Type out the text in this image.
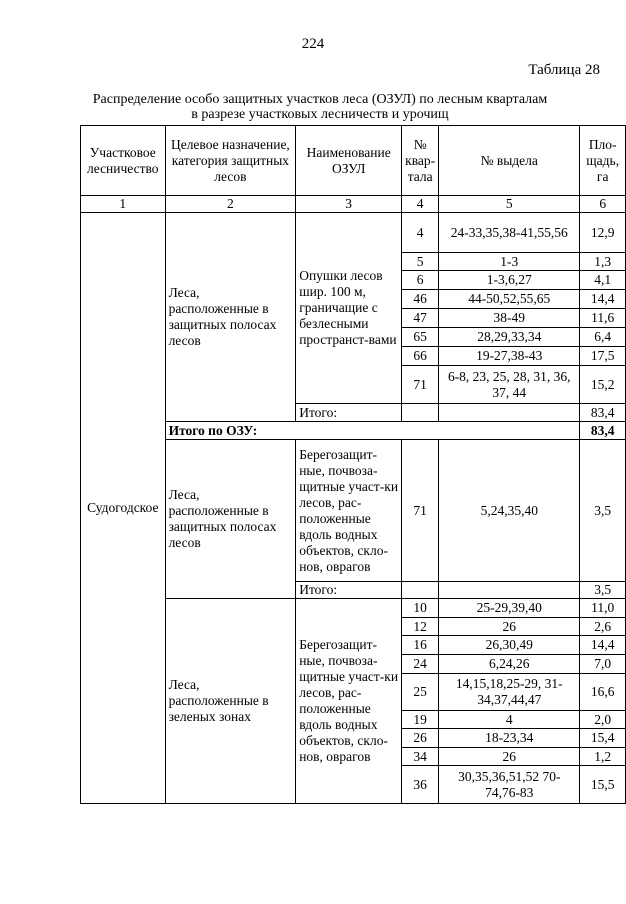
224
Таблица 28
Распределение особо защитных участков леса (ОЗУЛ) по лесным кварталам
в разрезе участковых лесничеств и урочищ
Участковое лесничество	Целевое назначение, категория защитных лесов	Наименование ОЗУЛ	№ квар-тала	№ выдела	Пло-щадь, га
1	2	3	4	5	6
Судогодское	Леса, расположенные в защитных полосах лесов	Опушки лесов шир. 100 м, граничащие с безлесными пространст-вами	4	24-33,35,38-41,55,56	12,9
			5	1-3	1,3
			6	1-3,6,27	4,1
			46	44-50,52,55,65	14,4
			47	38-49	11,6
			65	28,29,33,34	6,4
			66	19-27,38-43	17,5
			71	6-8, 23, 25, 28, 31, 36, 37, 44	15,2
		Итого:			83,4
	Итого по ОЗУ:				83,4
	Леса, расположенные в защитных полосах лесов	Берегозащит-ные, почвоза-щитные участ-ки лесов, рас-положенные вдоль водных объектов, скло-нов, оврагов	71	5,24,35,40	3,5
		Итого:			3,5
	Леса, расположенные в зеленых зонах	Берегозащит-ные, почвоза-щитные участ-ки лесов, рас-положенные вдоль водных объектов, скло-нов, оврагов	10	25-29,39,40	11,0
			12	26	2,6
			16	26,30,49	14,4
			24	6,24,26	7,0
			25	14,15,18,25-29, 31-34,37,44,47	16,6
			19	4	2,0
			26	18-23,34	15,4
			34	26	1,2
			36	30,35,36,51,52 70-74,76-83	15,5
